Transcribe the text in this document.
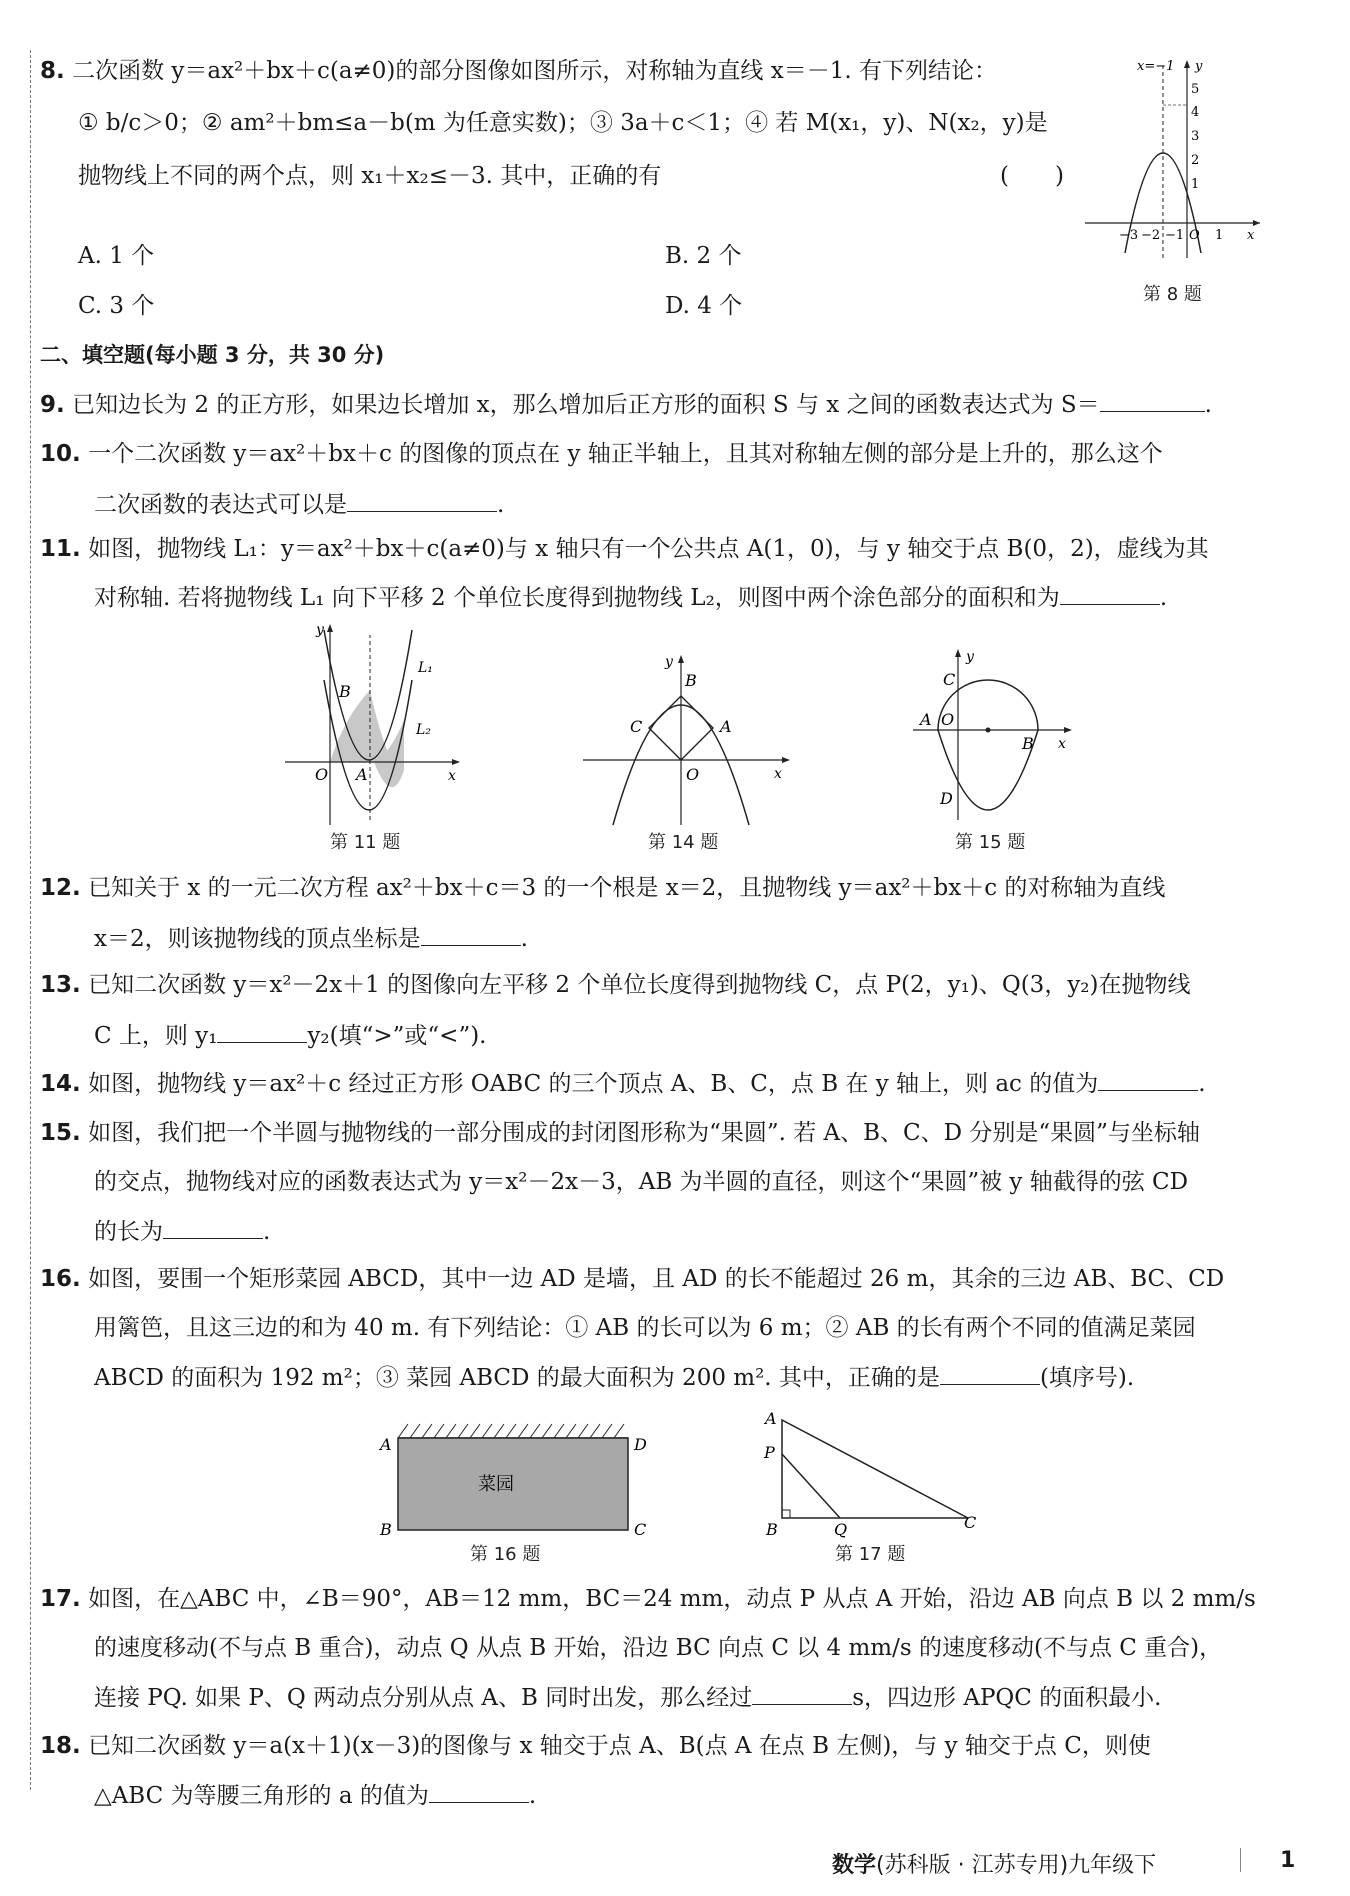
8. 二次函数 y＝ax²＋bx＋c(a≠0)的部分图像如图所示，对称轴为直线 x＝－1. 有下列结论：
① b/c＞0；② am²＋bm≤a－b(m 为任意实数)；③ 3a＋c＜1；④ 若 M(x₁，y)、N(x₂，y)是
抛物线上不同的两个点，则 x₁＋x₂≤－3. 其中，正确的有	(　　)
A. 1 个	B. 2 个
C. 3 个	D. 4 个
x=−1
5
4
3
2
1
−3 −2 −1 O 1 x
y
第 8 题
二、填空题(每小题 3 分，共 30 分)
9. 已知边长为 2 的正方形，如果边长增加 x，那么增加后正方形的面积 S 与 x 之间的函数表达式为 S＝	.
10. 一个二次函数 y＝ax²＋bx＋c 的图像的顶点在 y 轴正半轴上，且其对称轴左侧的部分是上升的，那么这个
二次函数的表达式可以是	.
11. 如图，抛物线 L₁：y＝ax²＋bx＋c(a≠0)与 x 轴只有一个公共点 A(1，0)，与 y 轴交于点 B(0，2)，虚线为其
对称轴. 若将抛物线 L₁ 向下平移 2 个单位长度得到抛物线 L₂，则图中两个涂色部分的面积和为	.
B
A
O	x
y
L₁
L₂
第 11 题
B
C	A
O	x
y
第 14 题
C
A O
B
D
x
y
第 15 题
12. 已知关于 x 的一元二次方程 ax²＋bx＋c＝3 的一个根是 x＝2，且抛物线 y＝ax²＋bx＋c 的对称轴为直线
x＝2，则该抛物线的顶点坐标是	.
13. 已知二次函数 y＝x²－2x＋1 的图像向左平移 2 个单位长度得到抛物线 C，点 P(2，y₁)、Q(3，y₂)在抛物线
C 上，则 y₁	y₂(填“>”或“<”).
14. 如图，抛物线 y＝ax²＋c 经过正方形 OABC 的三个顶点 A、B、C，点 B 在 y 轴上，则 ac 的值为	.
15. 如图，我们把一个半圆与抛物线的一部分围成的封闭图形称为“果圆”. 若 A、B、C、D 分别是“果圆”与坐标轴
的交点，抛物线对应的函数表达式为 y＝x²－2x－3，AB 为半圆的直径，则这个“果圆”被 y 轴截得的弦 CD
的长为	.
16. 如图，要围一个矩形菜园 ABCD，其中一边 AD 是墙，且 AD 的长不能超过 26 m，其余的三边 AB、BC、CD
用篱笆，且这三边的和为 40 m. 有下列结论：① AB 的长可以为 6 m；② AB 的长有两个不同的值满足菜园
ABCD 的面积为 192 m²；③ 菜园 ABCD 的最大面积为 200 m². 其中，正确的是	(填序号).
菜园
A	D
B	C
第 16 题
A
P
B	Q	C
第 17 题
17. 如图，在△ABC 中，∠B＝90°，AB＝12 mm，BC＝24 mm，动点 P 从点 A 开始，沿边 AB 向点 B 以 2 mm/s
的速度移动(不与点 B 重合)，动点 Q 从点 B 开始，沿边 BC 向点 C 以 4 mm/s 的速度移动(不与点 C 重合)，
连接 PQ. 如果 P、Q 两动点分别从点 A、B 同时出发，那么经过	s，四边形 APQC 的面积最小.
18. 已知二次函数 y＝a(x＋1)(x－3)的图像与 x 轴交于点 A、B(点 A 在点 B 左侧)，与 y 轴交于点 C，则使
△ABC 为等腰三角形的 a 的值为	.
数学(苏科版 · 江苏专用)九年级下	1
